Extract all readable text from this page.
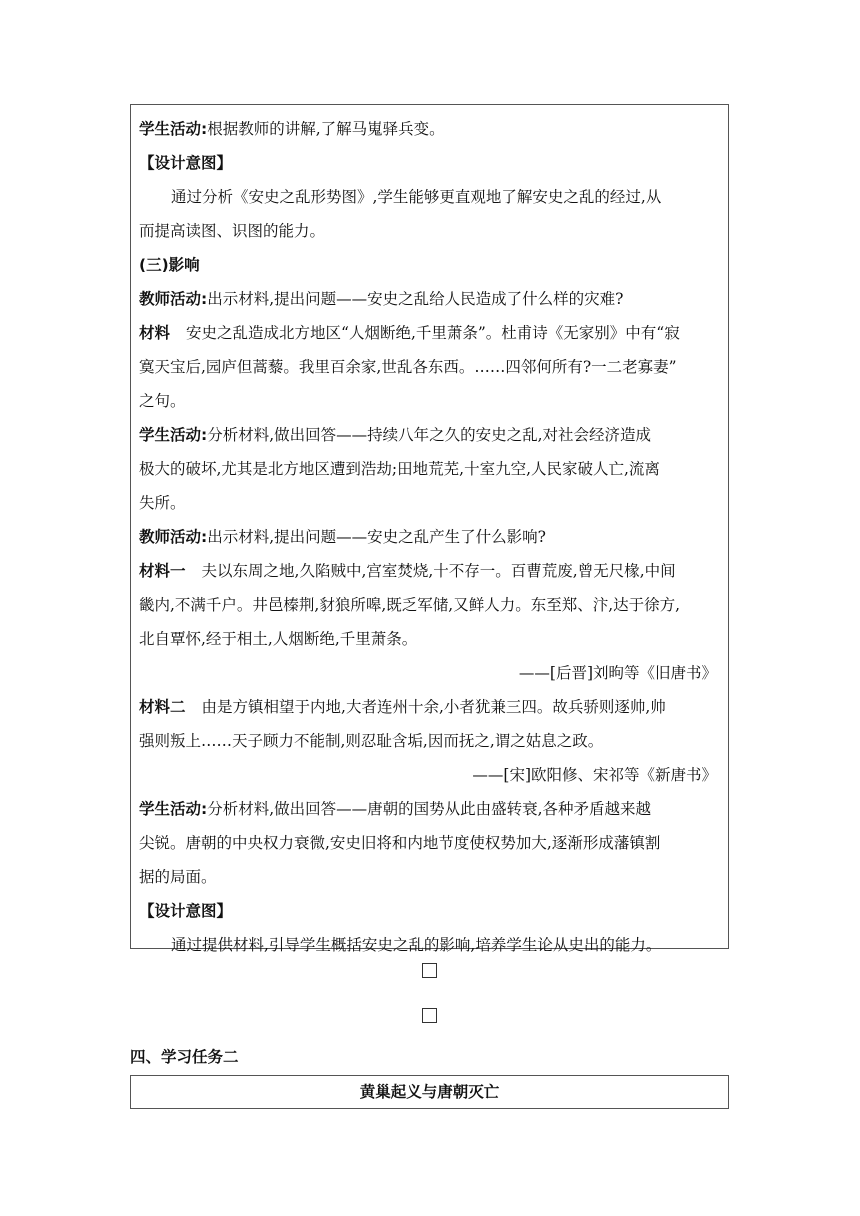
学生活动:根据教师的讲解,了解马嵬驿兵变。
【设计意图】
通过分析《安史之乱形势图》,学生能够更直观地了解安史之乱的经过,从
而提高读图、识图的能力。
(三)影响
教师活动:出示材料,提出问题——安史之乱给人民造成了什么样的灾难?
材料 安史之乱造成北方地区“人烟断绝,千里萧条”。杜甫诗《无家别》中有“寂
寞天宝后,园庐但蒿藜。我里百余家,世乱各东西。……四邻何所有?一二老寡妻”
之句。
学生活动:分析材料,做出回答——持续八年之久的安史之乱,对社会经济造成
极大的破坏,尤其是北方地区遭到浩劫;田地荒芜,十室九空,人民家破人亡,流离
失所。
教师活动:出示材料,提出问题——安史之乱产生了什么影响?
材料一 夫以东周之地,久陷贼中,宫室焚烧,十不存一。百曹荒废,曾无尺椽,中间
畿内,不满千户。井邑榛荆,豺狼所嗥,既乏军储,又鲜人力。东至郑、汴,达于徐方,
北自覃怀,经于相土,人烟断绝,千里萧条。
——[后晋]刘昫等《旧唐书》
材料二 由是方镇相望于内地,大者连州十余,小者犹兼三四。故兵骄则逐帅,帅
强则叛上……天子顾力不能制,则忍耻含垢,因而抚之,谓之姑息之政。
——[宋]欧阳修、宋祁等《新唐书》
学生活动:分析材料,做出回答——唐朝的国势从此由盛转衰,各种矛盾越来越
尖锐。唐朝的中央权力衰微,安史旧将和内地节度使权势加大,逐渐形成藩镇割
据的局面。
【设计意图】
通过提供材料,引导学生概括安史之乱的影响,培养学生论从史出的能力。
四、学习任务二
黄巢起义与唐朝灭亡
